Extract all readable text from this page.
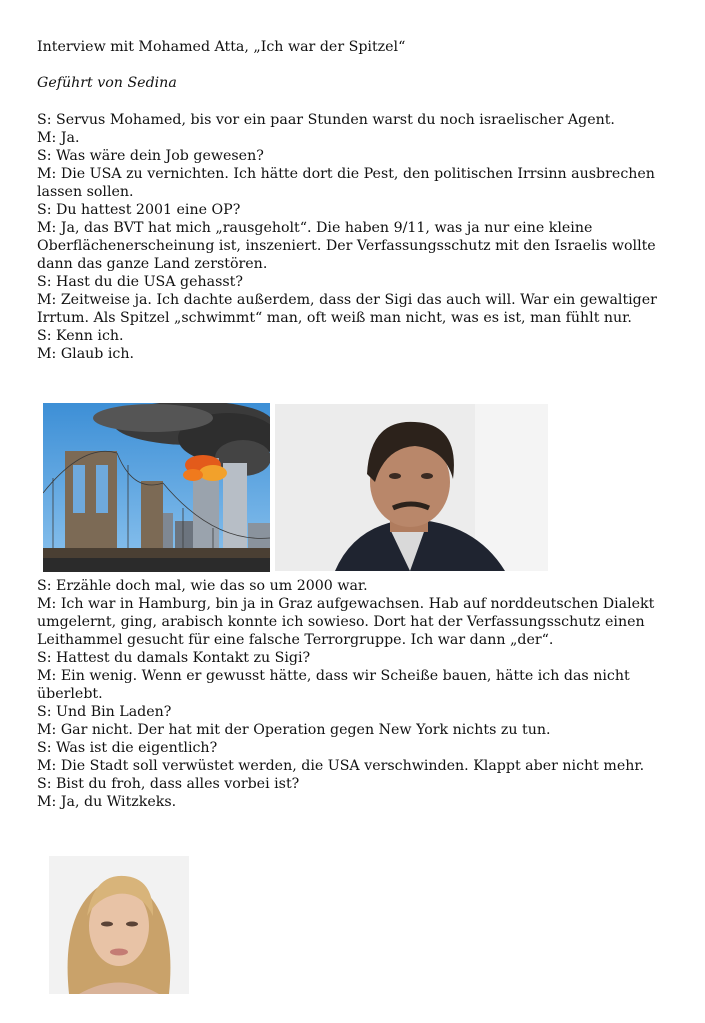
Interview mit Mohamed Atta, „Ich war der Spitzel“
Geführt von Sedina

S: Servus Mohamed, bis vor ein paar Stunden warst du noch israelischer Agent.

M: Ja.

S: Was wäre dein Job gewesen?

M: Die USA zu vernichten. Ich hätte dort die Pest, den politischen Irrsinn ausbrechen lassen sollen.

S: Du hattest 2001 eine OP?

M: Ja, das BVT hat mich „rausgeholt“. Die haben 9/11, was ja nur eine kleine Oberflächenerscheinung ist, inszeniert. Der Verfassungsschutz mit den Israelis wollte dann das ganze Land zerstören.

S: Hast du die USA gehasst?

M: Zeitweise ja. Ich dachte außerdem, dass der Sigi das auch will. War ein gewaltiger Irrtum. Als Spitzel „schwimmt“ man, oft weiß man nicht, was es ist, man fühlt nur.

S: Kenn ich.

M: Glaub ich.

S: Erzähle doch mal, wie das so um 2000 war.

M: Ich war in Hamburg, bin ja in Graz aufgewachsen. Hab auf norddeutschen Dialekt umgelernt, ging, arabisch konnte ich sowieso. Dort hat der Verfassungsschutz einen Leithammel gesucht für eine falsche Terrorgruppe. Ich war dann „der“.

S: Hattest du damals Kontakt zu Sigi?

M: Ein wenig. Wenn er gewusst hätte, dass wir Scheiße bauen, hätte ich das nicht überlebt.

S: Und Bin Laden?

M: Gar nicht. Der hat mit der Operation gegen New York nichts zu tun.

S: Was ist die eigentlich?

M: Die Stadt soll verwüstet werden, die USA verschwinden. Klappt aber nicht mehr.

S: Bist du froh, dass alles vorbei ist?

M: Ja, du Witzkeks.
